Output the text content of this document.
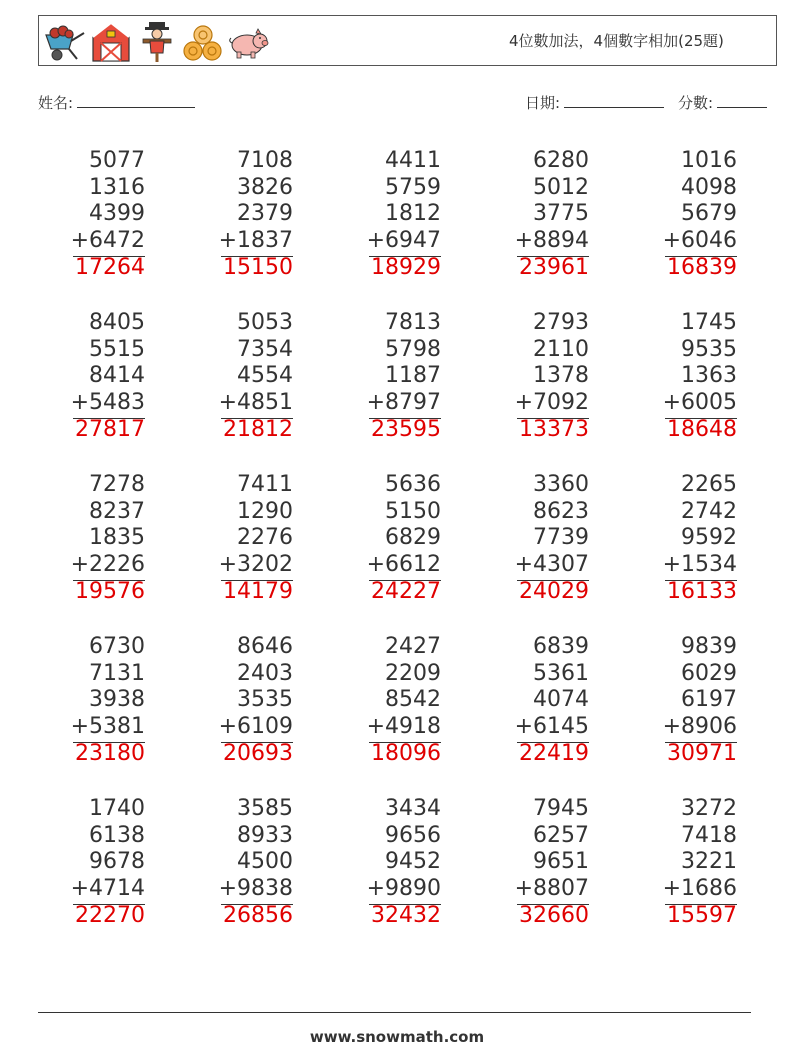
4位數加法，4個數字相加(25題)
姓名:	日期:	分數:
5077
1316
4399
+6472
17264
7108
3826
2379
+1837
15150
4411
5759
1812
+6947
18929
6280
5012
3775
+8894
23961
1016
4098
5679
+6046
16839
8405
5515
8414
+5483
27817
5053
7354
4554
+4851
21812
7813
5798
1187
+8797
23595
2793
2110
1378
+7092
13373
1745
9535
1363
+6005
18648
7278
8237
1835
+2226
19576
7411
1290
2276
+3202
14179
5636
5150
6829
+6612
24227
3360
8623
7739
+4307
24029
2265
2742
9592
+1534
16133
6730
7131
3938
+5381
23180
8646
2403
3535
+6109
20693
2427
2209
8542
+4918
18096
6839
5361
4074
+6145
22419
9839
6029
6197
+8906
30971
1740
6138
9678
+4714
22270
3585
8933
4500
+9838
26856
3434
9656
9452
+9890
32432
7945
6257
9651
+8807
32660
3272
7418
3221
+1686
15597
www.snowmath.com
